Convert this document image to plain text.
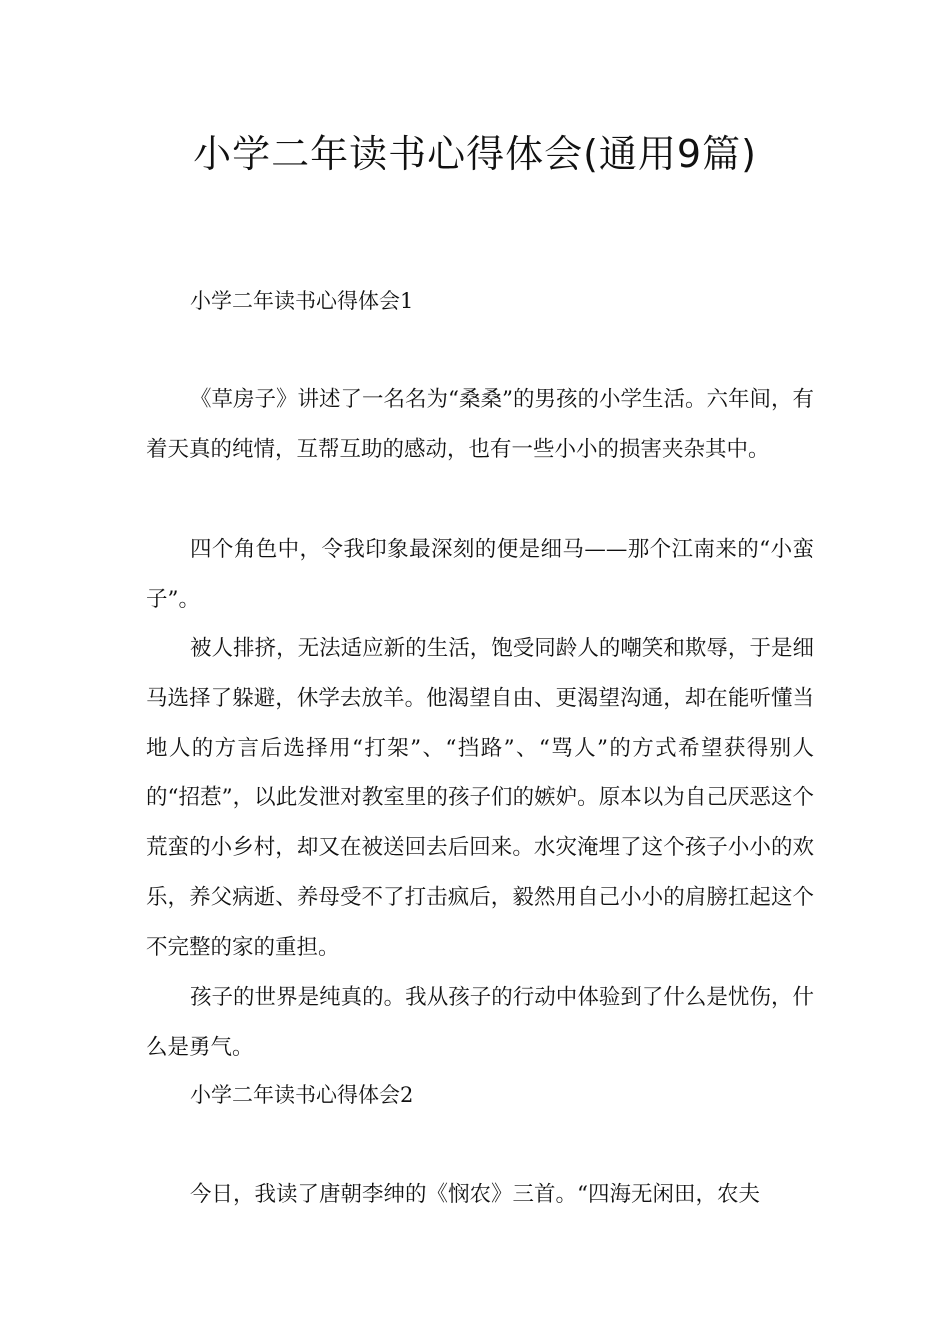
小学二年读书心得体会(通用9篇)
小学二年读书心得体会1

《草房子》讲述了一名名为“桑桑”的男孩的小学生活。六年间，有着天真的纯情，互帮互助的感动，也有一些小小的损害夹杂其中。

四个角色中，令我印象最深刻的便是细马——那个江南来的“小蛮子”。

被人排挤，无法适应新的生活，饱受同龄人的嘲笑和欺辱，于是细马选择了躲避，休学去放羊。他渴望自由、更渴望沟通，却在能听懂当地人的方言后选择用“打架”、“挡路”、“骂人”的方式希望获得别人的“招惹”，以此发泄对教室里的孩子们的嫉妒。原本以为自己厌恶这个荒蛮的小乡村，却又在被送回去后回来。水灾淹埋了这个孩子小小的欢乐，养父病逝、养母受不了打击疯后，毅然用自己小小的肩膀扛起这个不完整的家的重担。

孩子的世界是纯真的。我从孩子的行动中体验到了什么是忧伤，什么是勇气。

小学二年读书心得体会2

今日，我读了唐朝李绅的《悯农》三首。“四海无闲田，农夫
